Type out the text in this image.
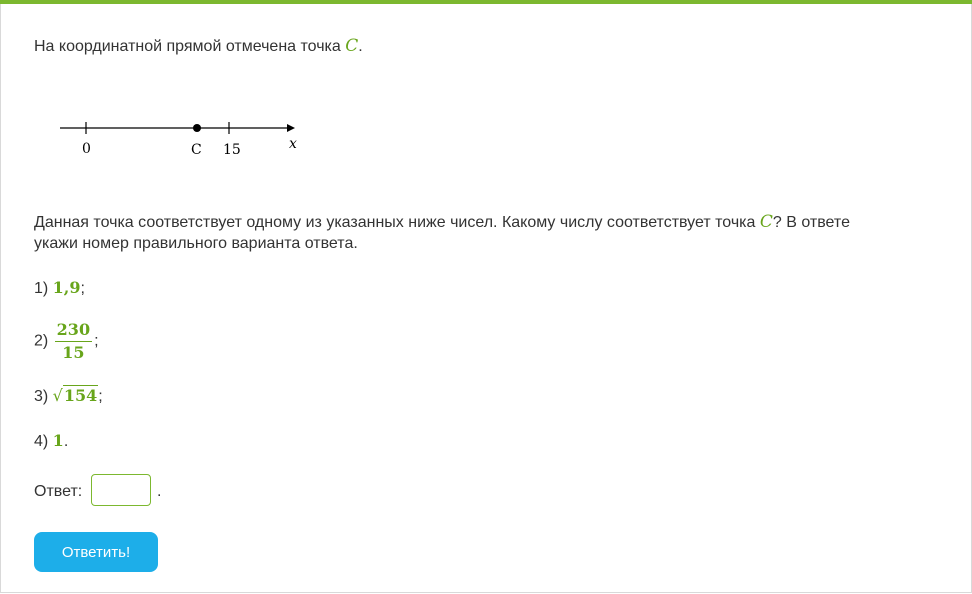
На координатной прямой отмечена точка C.
0	C 15	x
Данная точка соответствует одному из указанных ниже чисел. Какому числу соответствует точка C? В ответе
укажи номер правильного варианта ответа.
1) 1,9;
$2) \frac{230}{15}$ ;
3) √154;
4) 1.
Ответ:	.
Ответить!
